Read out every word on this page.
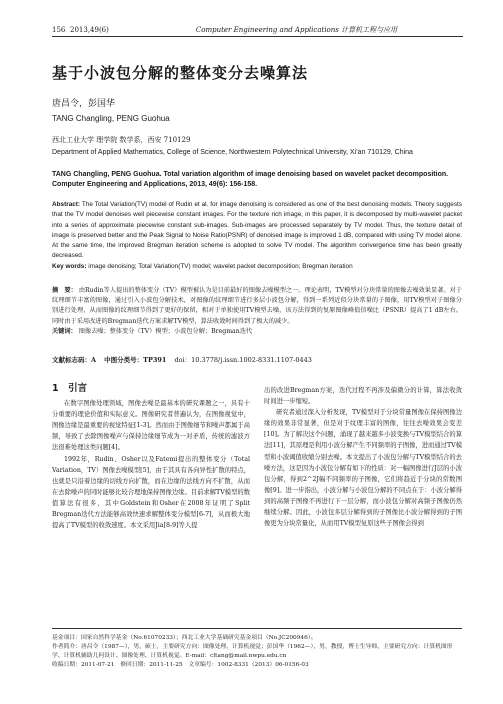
156 2013,49(6)	Computer Engineering and Applications 计算机工程与应用
基于小波包分解的整体变分去噪算法
唐昌令，彭国华
TANG Changling, PENG Guohua
西北工业大学 理学院 数学系，西安 710129
Department of Applied Mathematics, College of Science, Northwestern Polytechnical University, Xi’an 710129, China
TANG Changling, PENG Guohua. Total variation algorithm of image denoising based on wavelet packet decomposition. Computer Engineering and Applications, 2013, 49(6): 156-158.
Abstract: The Total Variation(TV) model of Rudin et al. for image denoising is considered as one of the best denoising models. Theory suggests that the TV model denoises well piecewise constant images. For the texture rich image, in this paper, it is decomposed by multi-wavelet packet into a series of approximate piecewise constant sub-images. Sub-images are processed separately by TV model. Thus, the texture detail of image is preserved better and the Peak Signal to Noise Ratio(PSNR) of denoised image is improved 1 dB, compared with using TV model alone. At the same time, the improved Bregman iteration scheme is adopted to solve TV model. The algorithm convergence time has been greatly decreased.
Key words: image denoising; Total Variation(TV) model; wavelet packet decomposition; Bregman iteration
摘　要： 由Rudin等人提出的整体变分（TV）模型被认为是目前最好的图像去噪模型之一。理论表明，TV模型对分块常量的图像去噪效果显著。对于纹理细节丰富的图像，通过引入小波包分解技术，对图像的纹理细节进行多层小波包分解，得到一系列近似分块常量的子图像，用TV模型对子图像分别进行处理，从而图像的纹理细节得到了更好的保留，相对于单独使用TV模型去噪，该方法得到的复原图像峰值信噪比（PSNR）提高了1 dB左右。同时由于采用改进的Bregman迭代方案求解TV模型，算法收敛时间得到了极大的减少。
关键词： 图像去噪；整体变分（TV）模型；小波包分解；Bregman迭代
文献标志码：A 中图分类号：TP391 doi：10.3778/j.issn.1002-8331.1107-0443
1　引言

在数字图像处理领域，图像去噪是最基本的研究课题之一，具有十分重要的理论价值和实际意义。图像研究者普遍认为，在图像视觉中，图像边缘是最重要的视觉特征[1-3]。然而由于图像细节和噪声都属于高频，导致了去除图像噪声与保持边缘细节成为一对矛盾，传统的滤波方法很难处理这类问题[4]。

1992年，Rudin、Osher以及Fatemi提出的整体变分（Total Variation，TV）图像去噪模型[5]，由于其具有各向异性扩散的特点，也就是只沿着边缘的切线方向扩散，而在边缘的法线方向不扩散，从而在去除噪声的同时能够比较合理地保持图像边缘。目前求解TV模型的数值算法有很多，其中Goldstein和Osher在2008年证明了Split Bregman迭代方法能够高效快速求解整体变分模型[6-7]，从而极大地提高了TV模型的收敛速度。本文采用Jia[8-9]等人提

出的改进Bregman方案，迭代过程不再涉及偏微分的计算，算法收敛时间进一步缩短。

研究者通过深入分析发现，TV模型对于分块常量图像在保持图像边缘的效果非常显著，但是对于纹理丰富的图像，往往去噪效果会变差[10]。为了解决这个问题，涌现了越来越多小波变换与TV模型结合的算法[11]，其原理是利用小波分解产生不同频率的子图像，进而通过TV模型和小波阈值收缩分别去噪。本文提出了小波包分解与TV模型结合的去噪方法，这是因为小波包分解有如下的性质：对一幅图像进行J层的小波包分解，得到2^2J幅不同频率的子图像，它们将趋近于分块的常数图像[9]。进一步指出，小波分解与小波包分解的不同点在于：小波分解得到的高频子图像不再进行下一层分解，而小波包分解对高频子图像仍然继续分解。因此，小波包多层分解得到的子图像比小波分解得到的子图像更为分块常量化，从而用TV模型复原这些子图像会得到

基金项目：国家自然科学基金（No.61070233）；西北工业大学基础研究基金项目（No.JC200946）。
作者简介：唐昌令（1987—），男，硕士，主要研究方向：图像处理、计算机视觉；彭国华（1962—），男，教授，博士生导师，主要研究方向：计算机图形学、计算机辅助几何设计、图像处理、计算机视觉。E-mail：cltang@mail.nwpu.edu.cn
收稿日期：2011-07-21　修回日期：2011-11-25　文章编号：1002-8331（2013）06-0156-03
